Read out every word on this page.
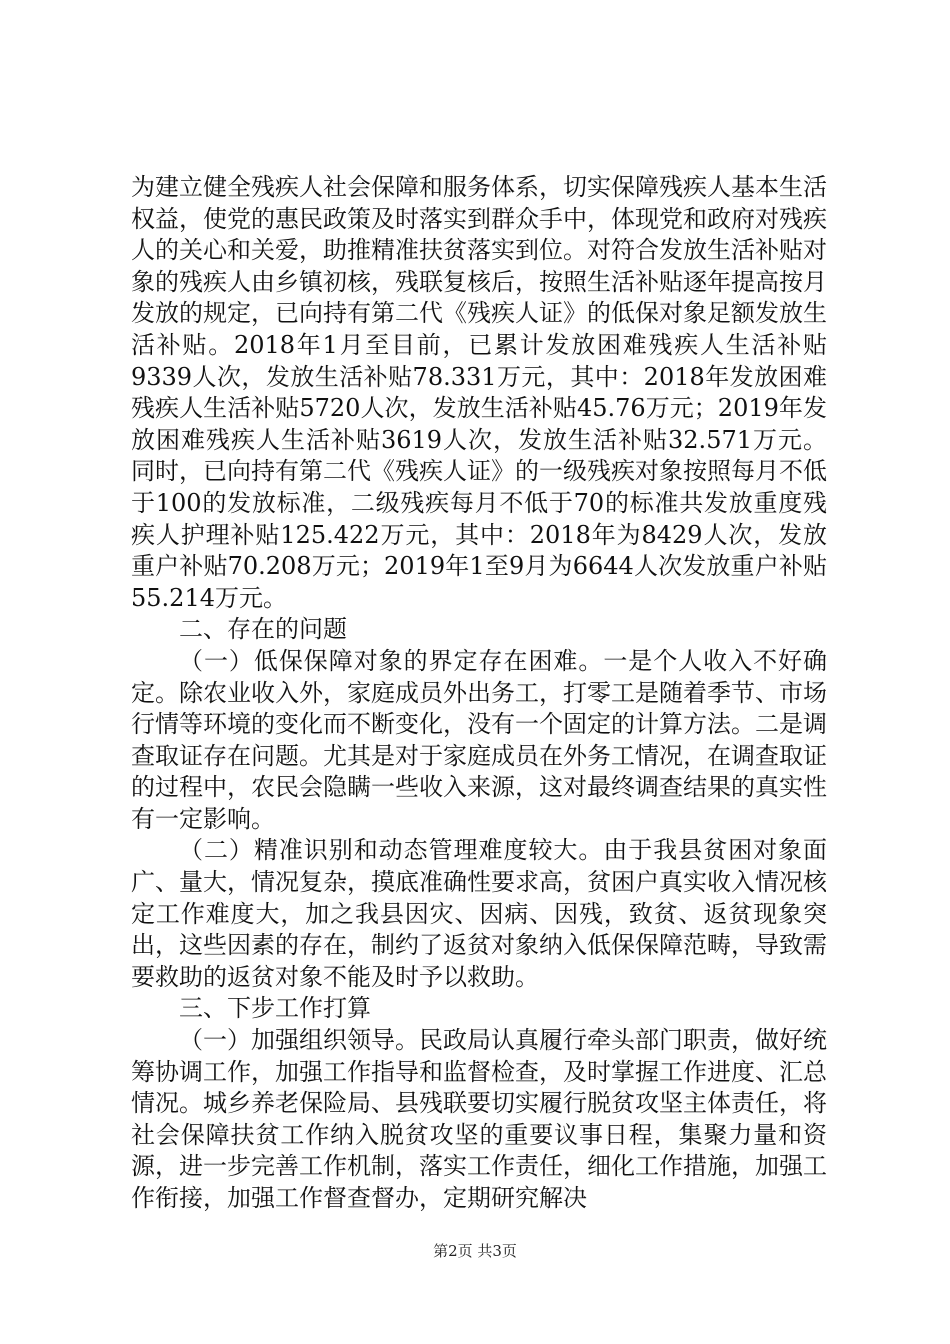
为建立健全残疾人社会保障和服务体系，切实保障残疾人基本生活权益，使党的惠民政策及时落实到群众手中，体现党和政府对残疾人的关心和关爱，助推精准扶贫落实到位。对符合发放生活补贴对象的残疾人由乡镇初核，残联复核后，按照生活补贴逐年提高按月发放的规定，已向持有第二代《残疾人证》的低保对象足额发放生活补贴。2018年1月至目前，已累计发放困难残疾人生活补贴9339人次，发放生活补贴78.331万元，其中：2018年发放困难残疾人生活补贴5720人次，发放生活补贴45.76万元；2019年发放困难残疾人生活补贴3619人次，发放生活补贴32.571万元。同时，已向持有第二代《残疾人证》的一级残疾对象按照每月不低于100的发放标准，二级残疾每月不低于70的标准共发放重度残疾人护理补贴125.422万元，其中：2018年为8429人次，发放重户补贴70.208万元；2019年1至9月为6644人次发放重户补贴55.214万元。

二、存在的问题

（一）低保保障对象的界定存在困难。一是个人收入不好确定。除农业收入外，家庭成员外出务工，打零工是随着季节、市场行情等环境的变化而不断变化，没有一个固定的计算方法。二是调查取证存在问题。尤其是对于家庭成员在外务工情况，在调查取证的过程中，农民会隐瞒一些收入来源，这对最终调查结果的真实性有一定影响。

（二）精准识别和动态管理难度较大。由于我县贫困对象面广、量大，情况复杂，摸底准确性要求高，贫困户真实收入情况核定工作难度大，加之我县因灾、因病、因残，致贫、返贫现象突出，这些因素的存在，制约了返贫对象纳入低保保障范畴，导致需要救助的返贫对象不能及时予以救助。

三、下步工作打算

（一）加强组织领导。民政局认真履行牵头部门职责，做好统筹协调工作，加强工作指导和监督检查，及时掌握工作进度、汇总情况。城乡养老保险局、县残联要切实履行脱贫攻坚主体责任，将社会保障扶贫工作纳入脱贫攻坚的重要议事日程，集聚力量和资源，进一步完善工作机制，落实工作责任，细化工作措施，加强工作衔接，加强工作督查督办，定期研究解决

第2页 共3页
